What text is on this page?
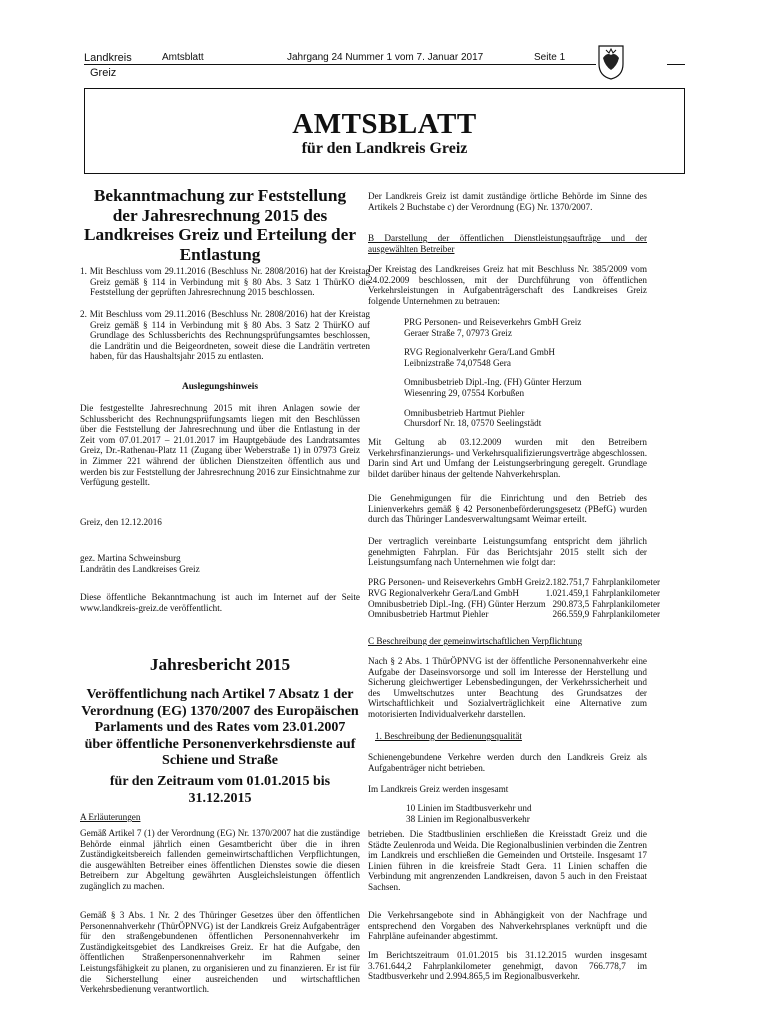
Landkreis	Amtsblatt	Jahrgang 24 Nummer 1 vom 7. Januar 2017	Seite 1
Greiz
AMTSBLATT
für den Landkreis Greiz
Bekanntmachung zur Feststellung der Jahresrechnung 2015 des Landkreises Greiz und Erteilung der Entlastung
1. Mit Beschluss vom 29.11.2016 (Beschluss Nr. 2808/2016) hat der Kreistag Greiz gemäß § 114 in Verbindung mit § 80 Abs. 3 Satz 1 ThürKO die Feststellung der geprüften Jahresrechnung 2015 beschlossen.
2. Mit Beschluss vom 29.11.2016 (Beschluss Nr. 2808/2016) hat der Kreistag Greiz gemäß § 114 in Verbindung mit § 80 Abs. 3 Satz 2 ThürKO auf Grundlage des Schlussberichts des Rechnungsprüfungsamtes beschlossen, die Landrätin und die Beigeordneten, soweit diese die Landrätin vertreten haben, für das Haushaltsjahr 2015 zu entlasten.
Auslegungshinweis
Die festgestellte Jahresrechnung 2015 mit ihren Anlagen sowie der Schlussbericht des Rechnungsprüfungsamts liegen mit den Beschlüssen über die Feststellung der Jahresrechnung und über die Entlastung in der Zeit vom 07.01.2017 – 21.01.2017 im Hauptgebäude des Landratsamtes Greiz, Dr.-Rathenau-Platz 11 (Zugang über Weberstraße 1) in 07973 Greiz in Zimmer 221 während der üblichen Dienstzeiten öffentlich aus und werden bis zur Feststellung der Jahresrechnung 2016 zur Einsichtnahme zur Verfügung gestellt.
Greiz, den 12.12.2016
gez. Martina Schweinsburg
Landrätin des Landkreises Greiz
Diese öffentliche Bekanntmachung ist auch im Internet auf der Seite www.landkreis-greiz.de veröffentlicht.
Jahresbericht 2015
Veröffentlichung nach Artikel 7 Absatz 1 der Verordnung (EG) 1370/2007 des Europäischen Parlaments und des Rates vom 23.01.2007 über öffentliche Personenverkehrsdienste auf Schiene und Straße
für den Zeitraum vom 01.01.2015 bis 31.12.2015
A Erläuterungen
Gemäß Artikel 7 (1) der Verordnung (EG) Nr. 1370/2007 hat die zuständige Behörde einmal jährlich einen Gesamtbericht über die in ihren Zuständigkeitsbereich fallenden gemeinwirtschaftlichen Verpflichtungen, die ausgewählten Betreiber eines öffentlichen Dienstes sowie die diesen Betreibern zur Abgeltung gewährten Ausgleichsleistungen öffentlich zugänglich zu machen.
Gemäß § 3 Abs. 1 Nr. 2 des Thüringer Gesetzes über den öffentlichen Personennahverkehr (ThürÖPNVG) ist der Landkreis Greiz Aufgabenträger für den straßengebundenen öffentlichen Personennahverkehr im Zuständigkeitsgebiet des Landkreises Greiz. Er hat die Aufgabe, den öffentlichen Straßenpersonennahverkehr im Rahmen seiner Leistungsfähigkeit zu planen, zu organisieren und zu finanzieren. Er ist für die Sicherstellung einer ausreichenden und wirtschaftlichen Verkehrsbedienung verantwortlich.
Der Landkreis Greiz ist damit zuständige örtliche Behörde im Sinne des Artikels 2 Buchstabe c) der Verordnung (EG) Nr. 1370/2007.
B Darstellung der öffentlichen Dienstleistungsaufträge und der ausgewählten Betreiber
Der Kreistag des Landkreises Greiz hat mit Beschluss Nr. 385/2009 vom 24.02.2009 beschlossen, mit der Durchführung von öffentlichen Verkehrsleistungen in Aufgabenträgerschaft des Landkreises Greiz folgende Unternehmen zu betrauen:
PRG Personen- und Reiseverkehrs GmbH Greiz
Geraer Straße 7, 07973 Greiz
RVG Regionalverkehr Gera/Land GmbH
Leibnizstraße 74,07548 Gera
Omnibusbetrieb Dipl.-Ing. (FH) Günter Herzum
Wiesenring 29, 07554 Korbußen
Omnibusbetrieb Hartmut Piehler
Chursdorf Nr. 18, 07570 Seelingstädt
Mit Geltung ab 03.12.2009 wurden mit den Betreibern Verkehrsfinanzierungs- und Verkehrsqualifizierungsverträge abgeschlossen. Darin sind Art und Umfang der Leistungserbringung geregelt. Grundlage bildet darüber hinaus der geltende Nahverkehrsplan.
Die Genehmigungen für die Einrichtung und den Betrieb des Linienverkehrs gemäß § 42 Personenbeförderungsgesetz (PBefG) wurden durch das Thüringer Landesverwaltungsamt Weimar erteilt.
Der vertraglich vereinbarte Leistungsumfang entspricht dem jährlich genehmigten Fahrplan. Für das Berichtsjahr 2015 stellt sich der Leistungsumfang nach Unternehmen wie folgt dar:
PRG Personen- und Reiseverkehrs GmbH Greiz	2.182.751,7	Fahrplankilometer
RVG Regionalverkehr Gera/Land GmbH	1.021.459,1	Fahrplankilometer
Omnibusbetrieb Dipl.-Ing. (FH) Günter Herzum	290.873,5	Fahrplankilometer
Omnibusbetrieb Hartmut Piehler	266.559,9	Fahrplankilometer
C Beschreibung der gemeinwirtschaftlichen Verpflichtung
Nach § 2 Abs. 1 ThürÖPNVG ist der öffentliche Personennahverkehr eine Aufgabe der Daseinsvorsorge und soll im Interesse der Herstellung und Sicherung gleichwertiger Lebensbedingungen, der Verkehrssicherheit und des Umweltschutzes unter Beachtung des Grundsatzes der Wirtschaftlichkeit und Sozialverträglichkeit eine Alternative zum motorisierten Individualverkehr darstellen.
1. Beschreibung der Bedienungsqualität
Schienengebundene Verkehre werden durch den Landkreis Greiz als Aufgabenträger nicht betrieben.
Im Landkreis Greiz werden insgesamt
10 Linien im Stadtbusverkehr und
38 Linien im Regionalbusverkehr
betrieben. Die Stadtbuslinien erschließen die Kreisstadt Greiz und die Städte Zeulenroda und Weida. Die Regionalbuslinien verbinden die Zentren im Landkreis und erschließen die Gemeinden und Ortsteile. Insgesamt 17 Linien führen in die kreisfreie Stadt Gera. 11 Linien schaffen die Verbindung mit angrenzenden Landkreisen, davon 5 auch in den Freistaat Sachsen.
Die Verkehrsangebote sind in Abhängigkeit von der Nachfrage und entsprechend den Vorgaben des Nahverkehrsplanes verknüpft und die Fahrpläne aufeinander abgestimmt.
Im Berichtszeitraum 01.01.2015 bis 31.12.2015 wurden insgesamt 3.761.644,2 Fahrplankilometer genehmigt, davon 766.778,7 im Stadtbusverkehr und 2.994.865,5 im Regionalbusverkehr.
